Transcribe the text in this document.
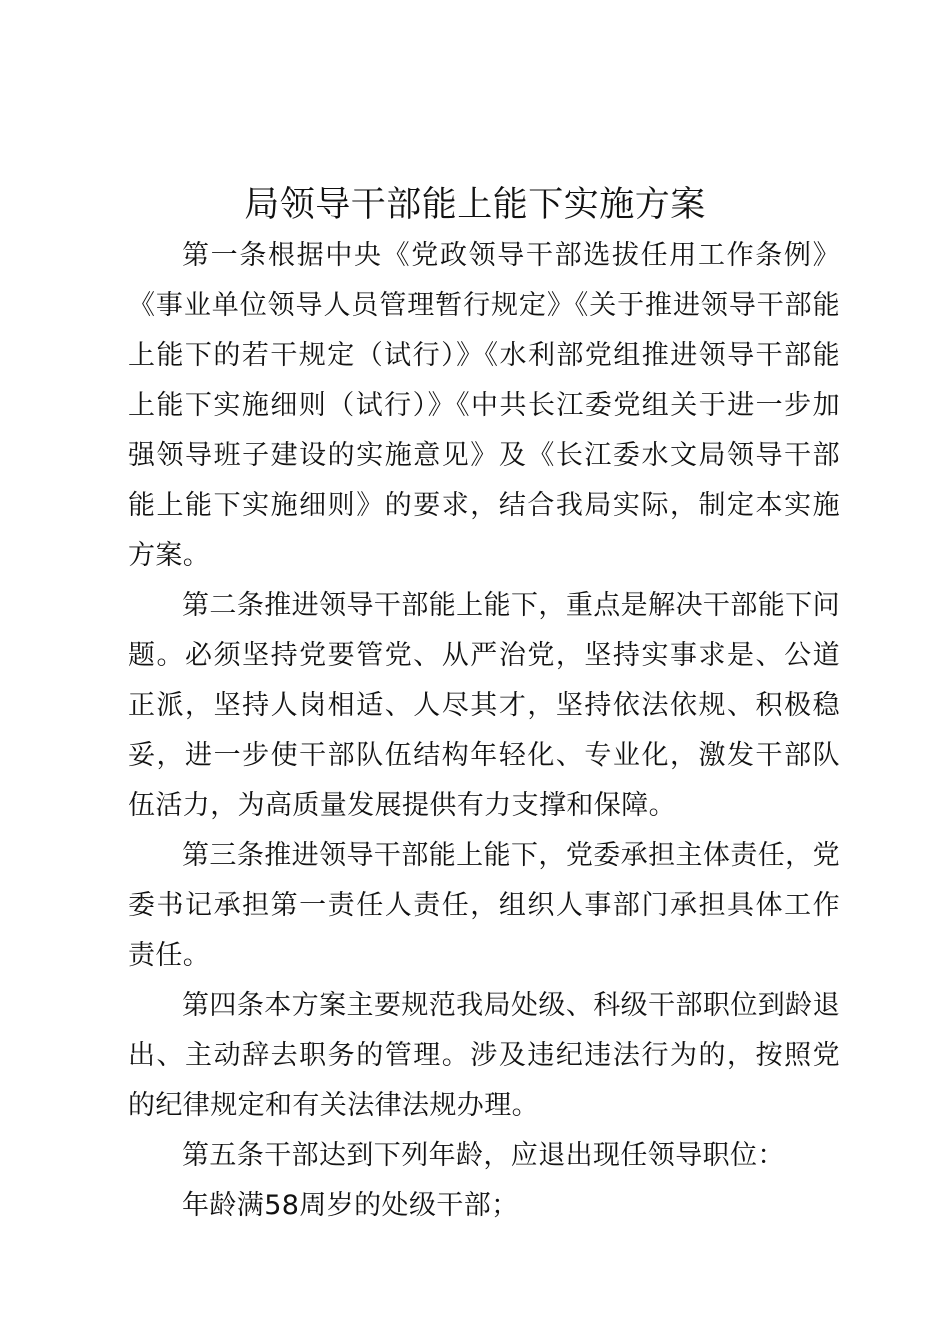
局领导干部能上能下实施方案

第一条根据中央《党政领导干部选拔任用工作条例》《事业单位领导人员管理暂行规定》《关于推进领导干部能上能下的若干规定（试行）》《水利部党组推进领导干部能上能下实施细则（试行）》《中共长江委党组关于进一步加强领导班子建设的实施意见》及《长江委水文局领导干部能上能下实施细则》的要求，结合我局实际，制定本实施方案。

第二条推进领导干部能上能下，重点是解决干部能下问题。必须坚持党要管党、从严治党，坚持实事求是、公道正派，坚持人岗相适、人尽其才，坚持依法依规、积极稳妥，进一步使干部队伍结构年轻化、专业化，激发干部队伍活力，为高质量发展提供有力支撑和保障。

第三条推进领导干部能上能下，党委承担主体责任，党委书记承担第一责任人责任，组织人事部门承担具体工作责任。

第四条本方案主要规范我局处级、科级干部职位到龄退出、主动辞去职务的管理。涉及违纪违法行为的，按照党的纪律规定和有关法律法规办理。

第五条干部达到下列年龄，应退出现任领导职位：

年龄满58周岁的处级干部；
